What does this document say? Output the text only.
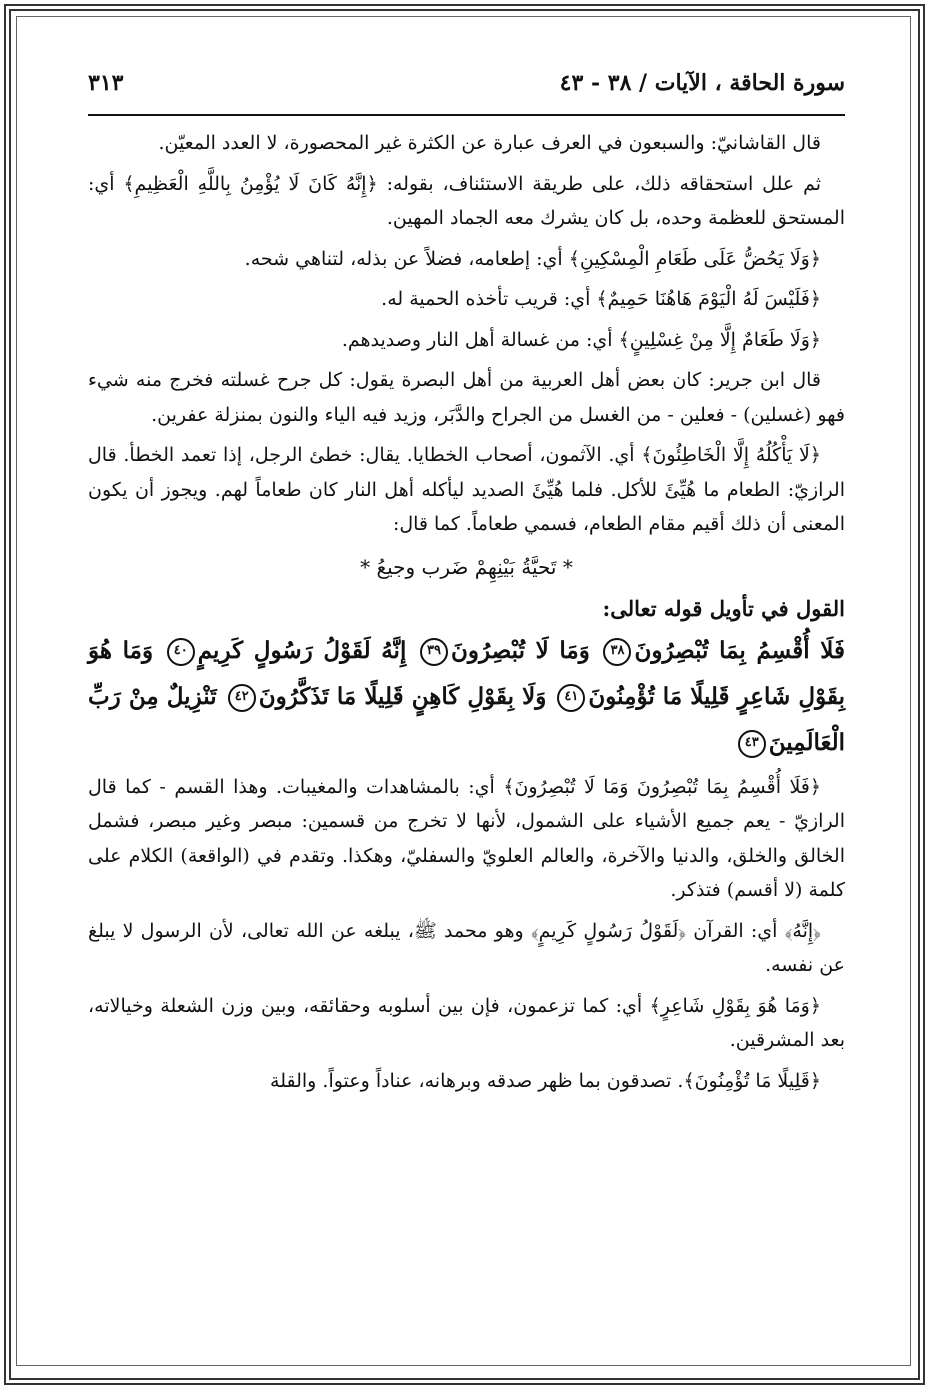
سورة الحاقة ، الآيات / ٣٨ - ٤٣
٣١٣

قال القاشانيّ: والسبعون في العرف عبارة عن الكثرة غير المحصورة، لا العدد المعيّن.

ثم علل استحقاقه ذلك، على طريقة الاستئناف، بقوله: ﴿إِنَّهُ كَانَ لَا يُؤْمِنُ بِاللَّهِ الْعَظِيمِ﴾ أي: المستحق للعظمة وحده، بل كان يشرك معه الجماد المهين.

﴿وَلَا يَحُضُّ عَلَى طَعَامِ الْمِسْكِينِ﴾ أي: إطعامه، فضلاً عن بذله، لتناهي شحه.

﴿فَلَيْسَ لَهُ الْيَوْمَ هَاهُنَا حَمِيمٌ﴾ أي: قريب تأخذه الحمية له.

﴿وَلَا طَعَامٌ إِلَّا مِنْ غِسْلِينٍ﴾ أي: من غسالة أهل النار وصديدهم.

قال ابن جرير: كان بعض أهل العربية من أهل البصرة يقول: كل جرح غسلته فخرج منه شيء فهو (غسلين) - فعلين - من الغسل من الجراح والدَّبَر، وزيد فيه الياء والنون بمنزلة عفرين.

﴿لَا يَأْكُلُهُ إِلَّا الْخَاطِئُونَ﴾ أي. الآثمون، أصحاب الخطايا. يقال: خطئ الرجل، إذا تعمد الخطأ. قال الرازيّ: الطعام ما هُيِّئَ للأكل. فلما هُيِّئَ الصديد ليأكله أهل النار كان طعاماً لهم. ويجوز أن يكون المعنى أن ذلك أقيم مقام الطعام، فسمي طعاماً. كما قال:

* تَحيَّةُ بَيْنِهِمْ ضَرب وجيعُ *
القول في تأويل قوله تعالى:
فَلَا أُقْسِمُ بِمَا تُبْصِرُونَ٣٨ وَمَا لَا تُبْصِرُونَ٣٩ إِنَّهُ لَقَوْلُ رَسُولٍ كَرِيمٍ٤٠ وَمَا هُوَ بِقَوْلِ شَاعِرٍ قَلِيلًا مَا تُؤْمِنُونَ٤١ وَلَا بِقَوْلِ كَاهِنٍ قَلِيلًا مَا تَذَكَّرُونَ٤٢ تَنْزِيلٌ مِنْ رَبِّ الْعَالَمِينَ٤٣

﴿فَلَا أُقْسِمُ بِمَا تُبْصِرُونَ وَمَا لَا تُبْصِرُونَ﴾ أي: بالمشاهدات والمغيبات. وهذا القسم - كما قال الرازيّ - يعم جميع الأشياء على الشمول، لأنها لا تخرج من قسمين: مبصر وغير مبصر، فشمل الخالق والخلق، والدنيا والآخرة، والعالم العلويّ والسفليّ، وهكذا. وتقدم في (الواقعة) الكلام على كلمة (لا أقسم) فتذكر.

﴿إِنَّهُ﴾ أي: القرآن ﴿لَقَوْلُ رَسُولٍ كَرِيمٍ﴾ وهو محمد ﷺ، يبلغه عن الله تعالى، لأن الرسول لا يبلغ عن نفسه.

﴿وَمَا هُوَ بِقَوْلِ شَاعِرٍ﴾ أي: كما تزعمون، فإن بين أسلوبه وحقائقه، وبين وزن الشعلة وخيالاته، بعد المشرقين.

﴿قَلِيلًا مَا تُؤْمِنُونَ﴾. تصدقون بما ظهر صدقه وبرهانه، عناداً وعتواً. والقلة
